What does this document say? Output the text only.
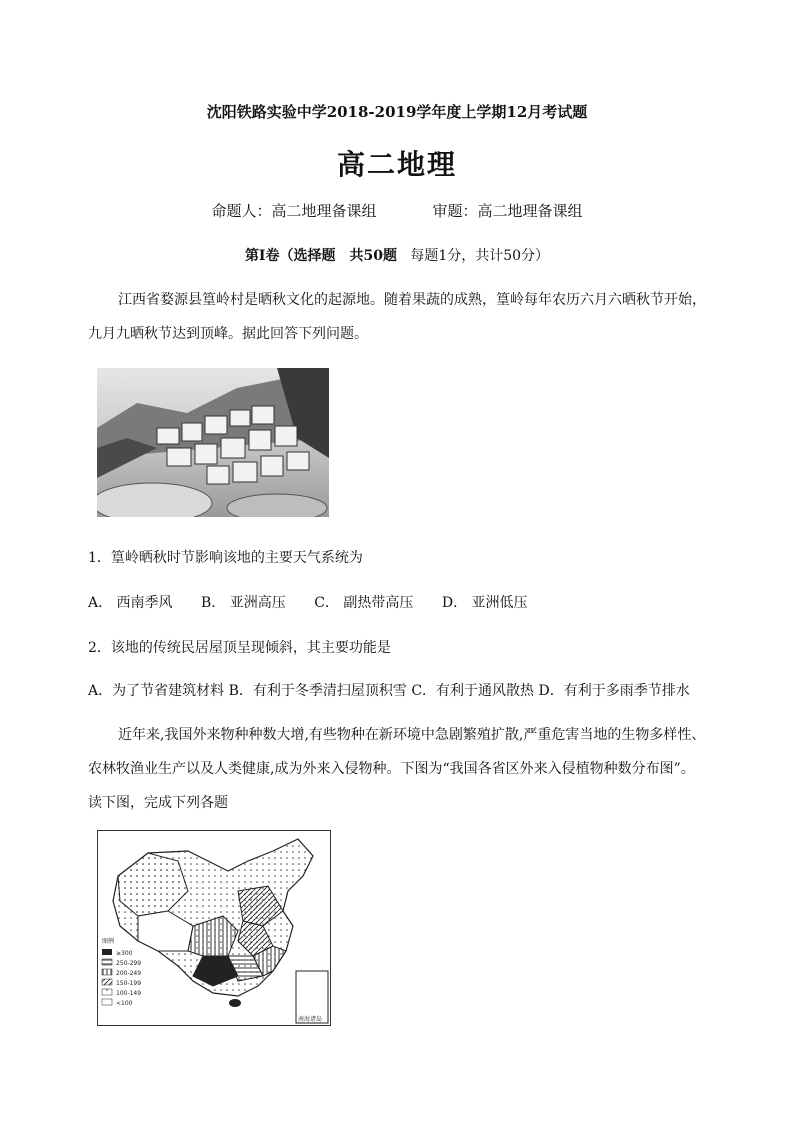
沈阳铁路实验中学2018-2019学年度上学期12月考试题
高二地理
命题人：高二地理备课组	审题：高二地理备课组
第I卷（选择题　共50题 每题1分，共计50分）
江西省婺源县篁岭村是晒秋文化的起源地。随着果蔬的成熟，篁岭每年农历六月六晒秋节开始，九月九晒秋节达到顶峰。据此回答下列问题。
1．篁岭晒秋时节影响该地的主要天气系统为
A． 西南季风 B． 亚洲高压 C． 副热带高压 D． 亚洲低压
2．该地的传统民居屋顶呈现倾斜，其主要功能是
A．为了节省建筑材料 B．有利于冬季清扫屋顶积雪 C．有利于通风散热 D．有利于多雨季节排水
近年来,我国外来物种种数大增,有些物种在新环境中急剧繁殖扩散,严重危害当地的生物多样性、农林牧渔业生产以及人类健康,成为外来入侵物种。下图为“我国各省区外来入侵植物种数分布图”。读下图，完成下列各题
南海诸岛
图例
≥300
250-299
200-249
150-199
100-149
<100
